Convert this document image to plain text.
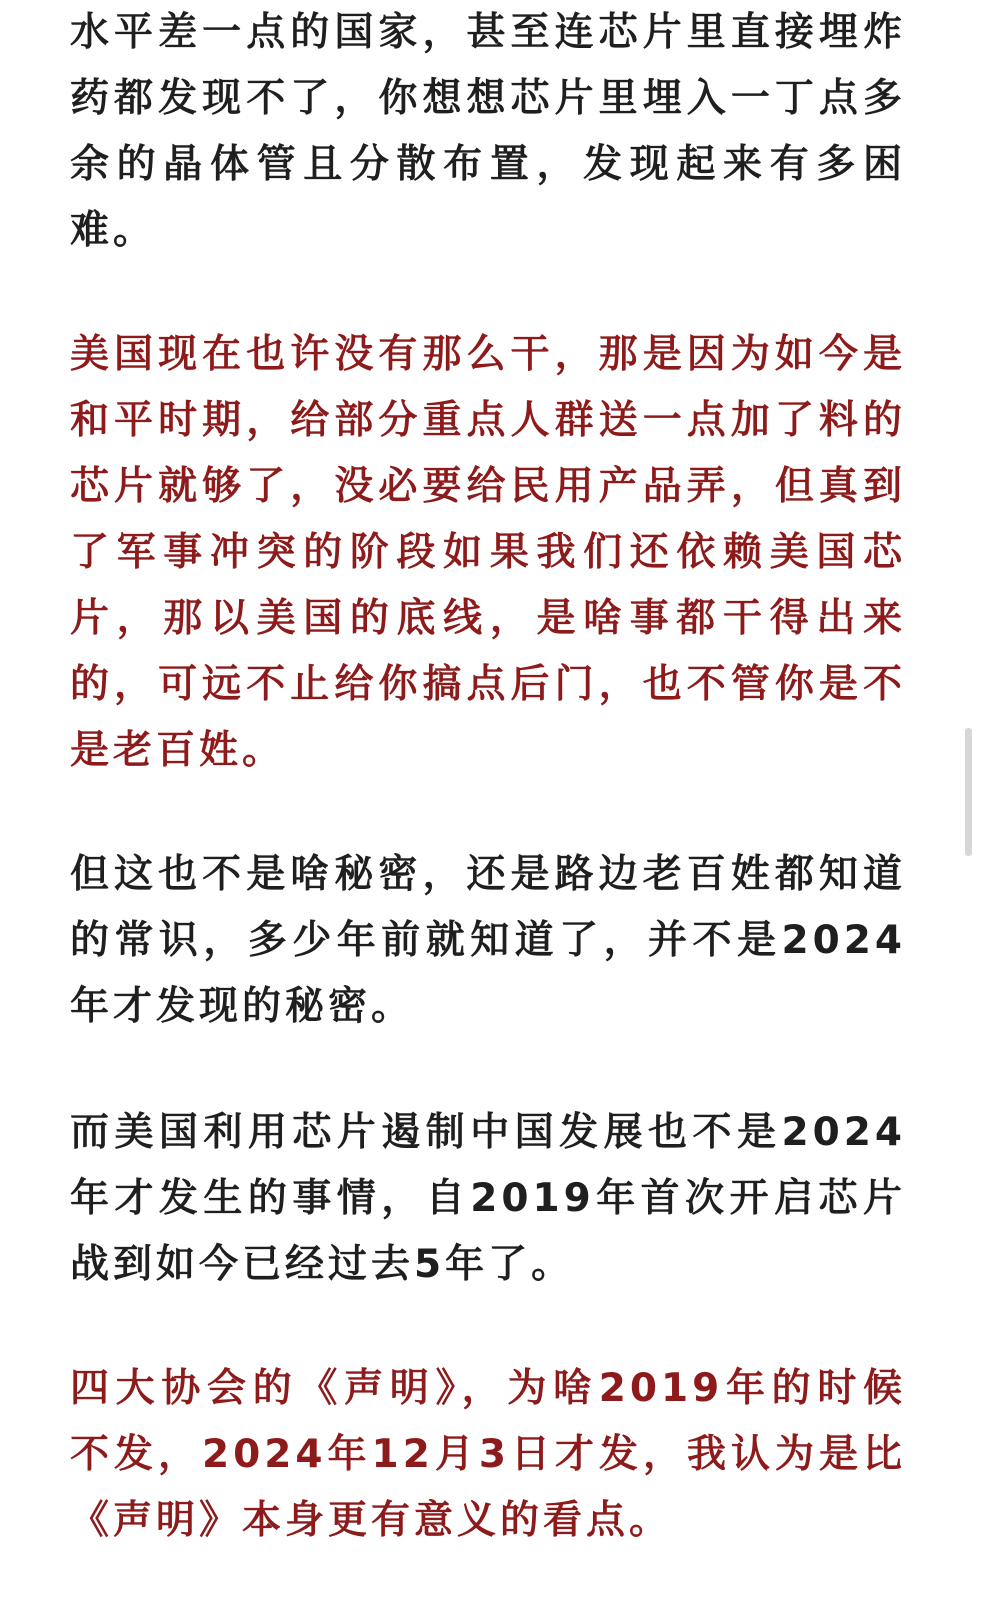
水平差一点的国家，甚至连芯片里直接埋炸药都发现不了，你想想芯片里埋入一丁点多余的晶体管且分散布置，发现起来有多困难。

美国现在也许没有那么干，那是因为如今是和平时期，给部分重点人群送一点加了料的芯片就够了，没必要给民用产品弄，但真到了军事冲突的阶段如果我们还依赖美国芯片，那以美国的底线，是啥事都干得出来的，可远不止给你搞点后门，也不管你是不是老百姓。

但这也不是啥秘密，还是路边老百姓都知道的常识，多少年前就知道了，并不是2024年才发现的秘密。

而美国利用芯片遏制中国发展也不是2024年才发生的事情，自2019年首次开启芯片战到如今已经过去5年了。

四大协会的《声明》，为啥2019年的时候不发，2024年12月3日才发，我认为是比《声明》本身更有意义的看点。
